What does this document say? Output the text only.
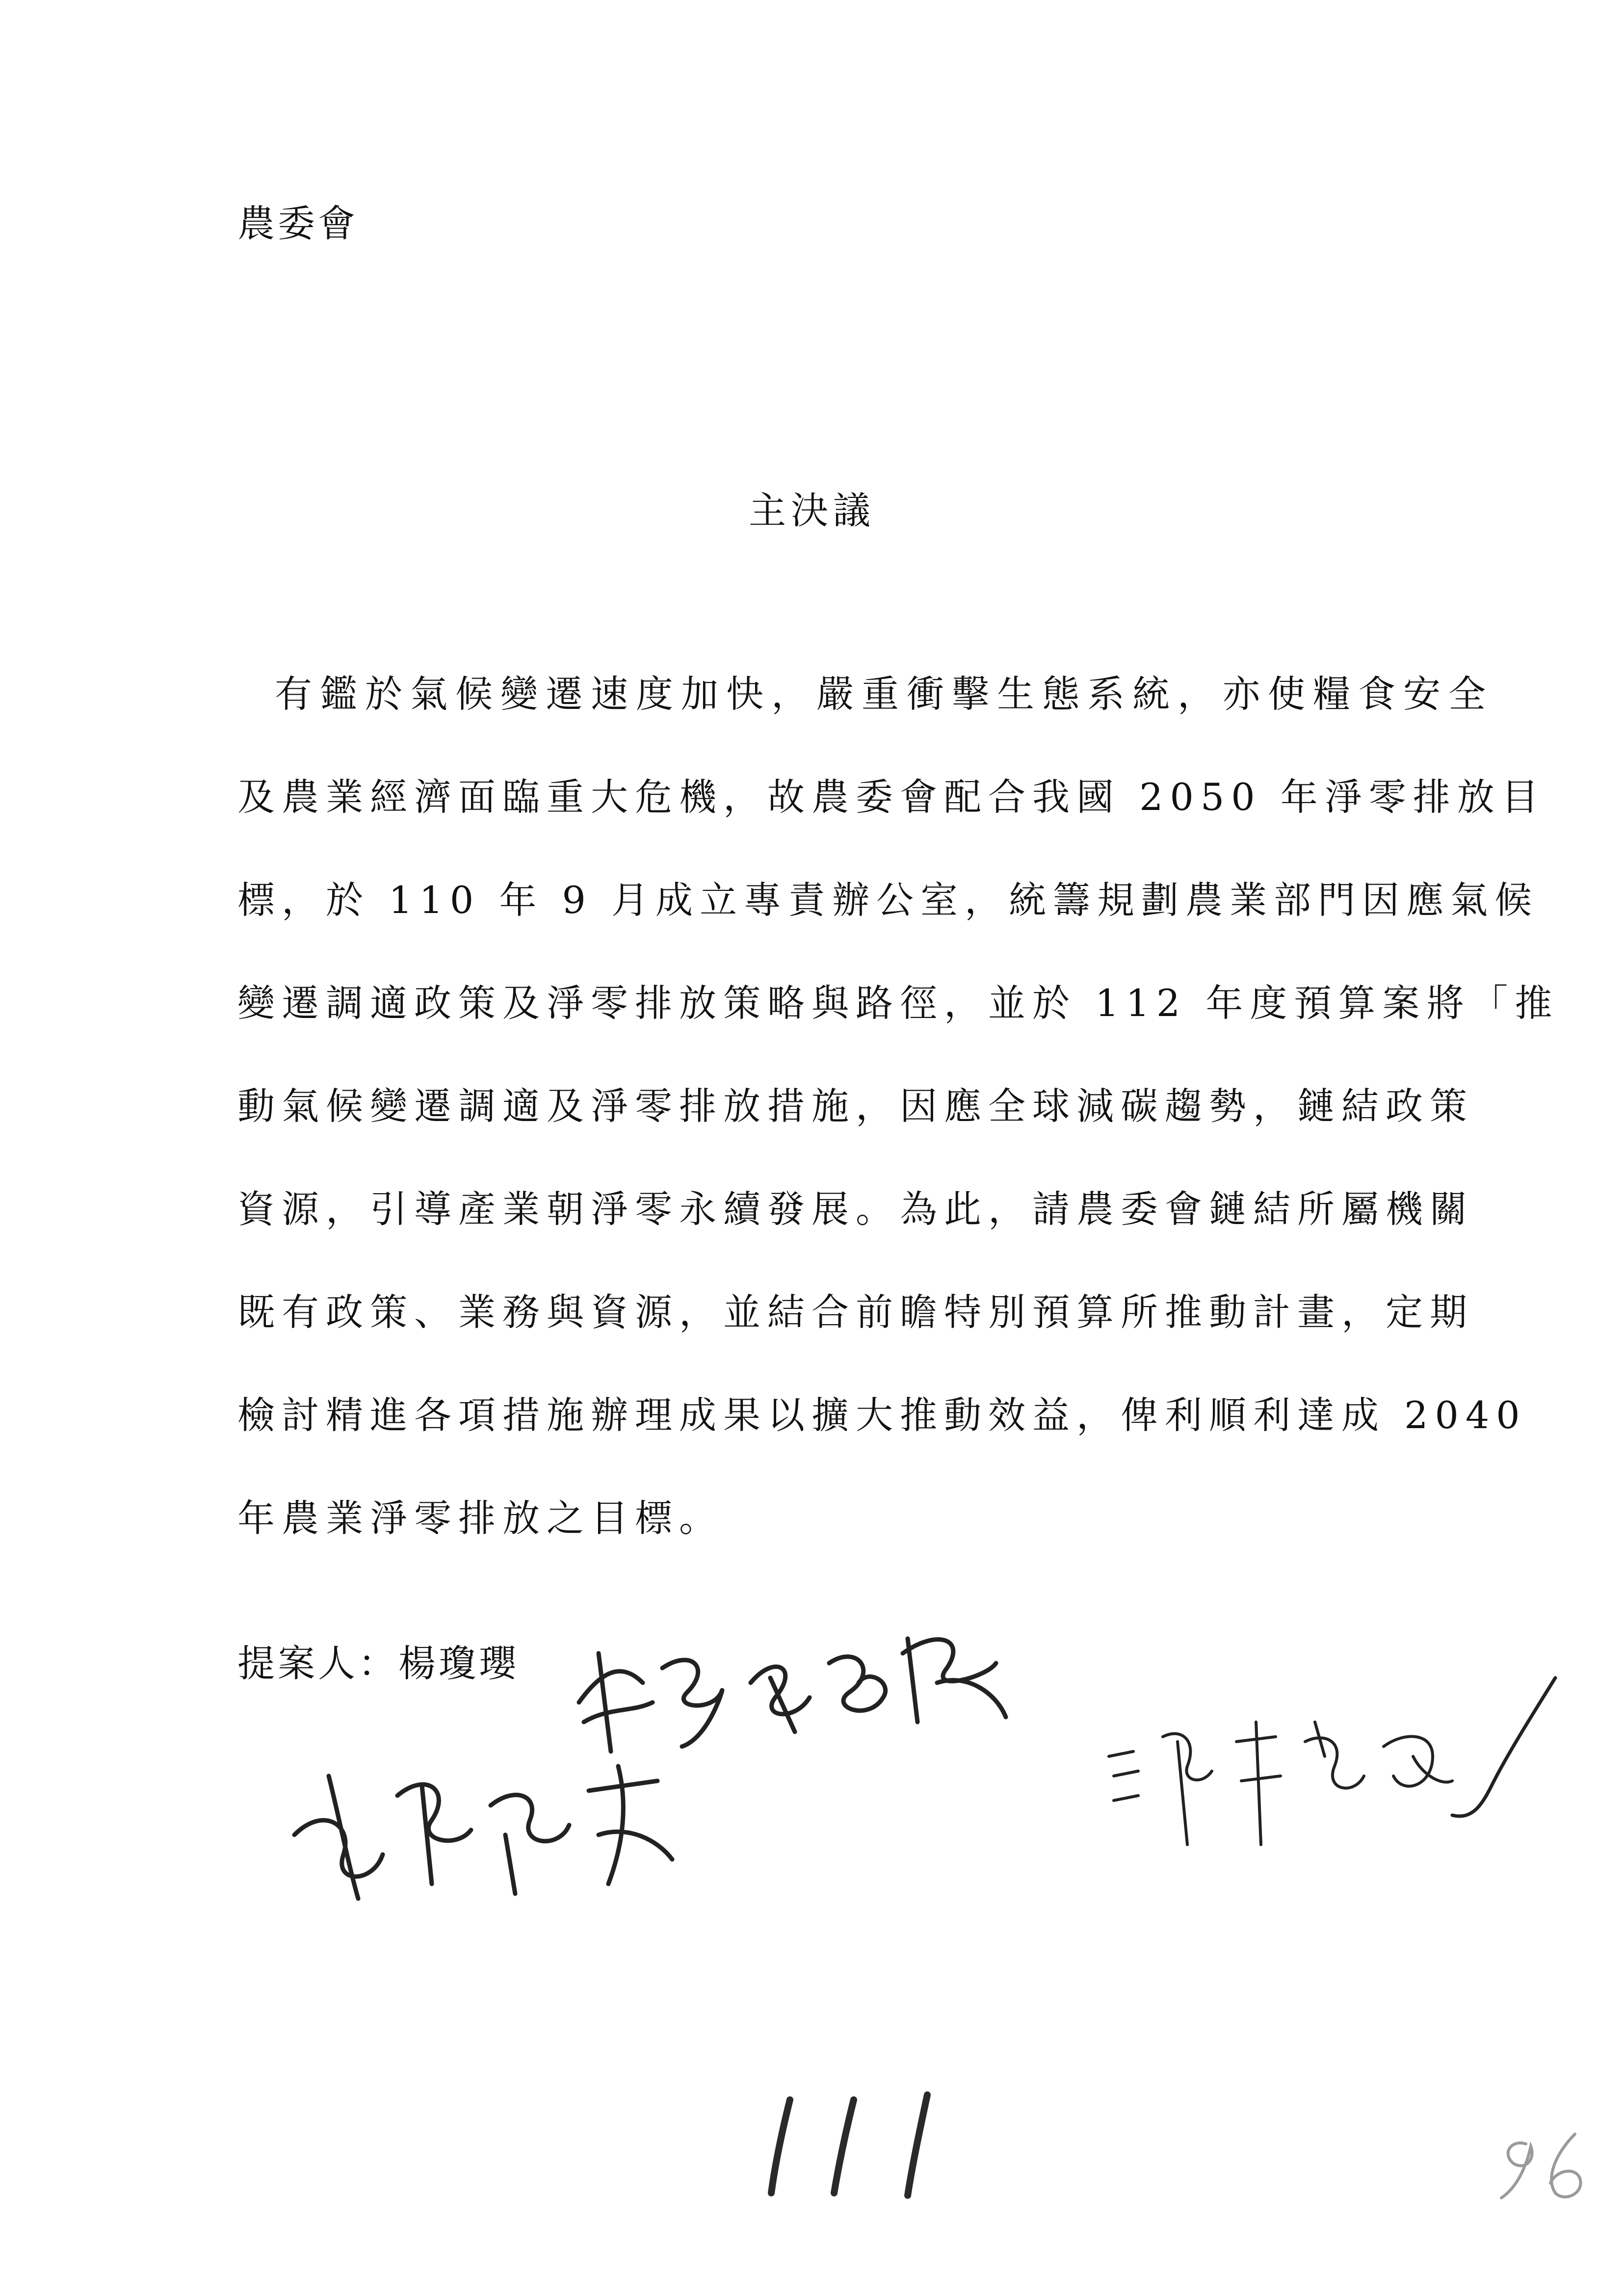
農委會
主決議
有鑑於氣候變遷速度加快，嚴重衝擊生態系統，亦使糧食安全
及農業經濟面臨重大危機，故農委會配合我國 2050 年淨零排放目
標，於 110 年 9 月成立專責辦公室，統籌規劃農業部門因應氣候
變遷調適政策及淨零排放策略與路徑，並於 112 年度預算案將「推
動氣候變遷調適及淨零排放措施，因應全球減碳趨勢，鏈結政策
資源，引導產業朝淨零永續發展。為此，請農委會鏈結所屬機關
既有政策、業務與資源，並結合前瞻特別預算所推動計畫，定期
檢討精進各項措施辦理成果以擴大推動效益，俾利順利達成 2040
年農業淨零排放之目標。
提案人：楊瓊瓔
